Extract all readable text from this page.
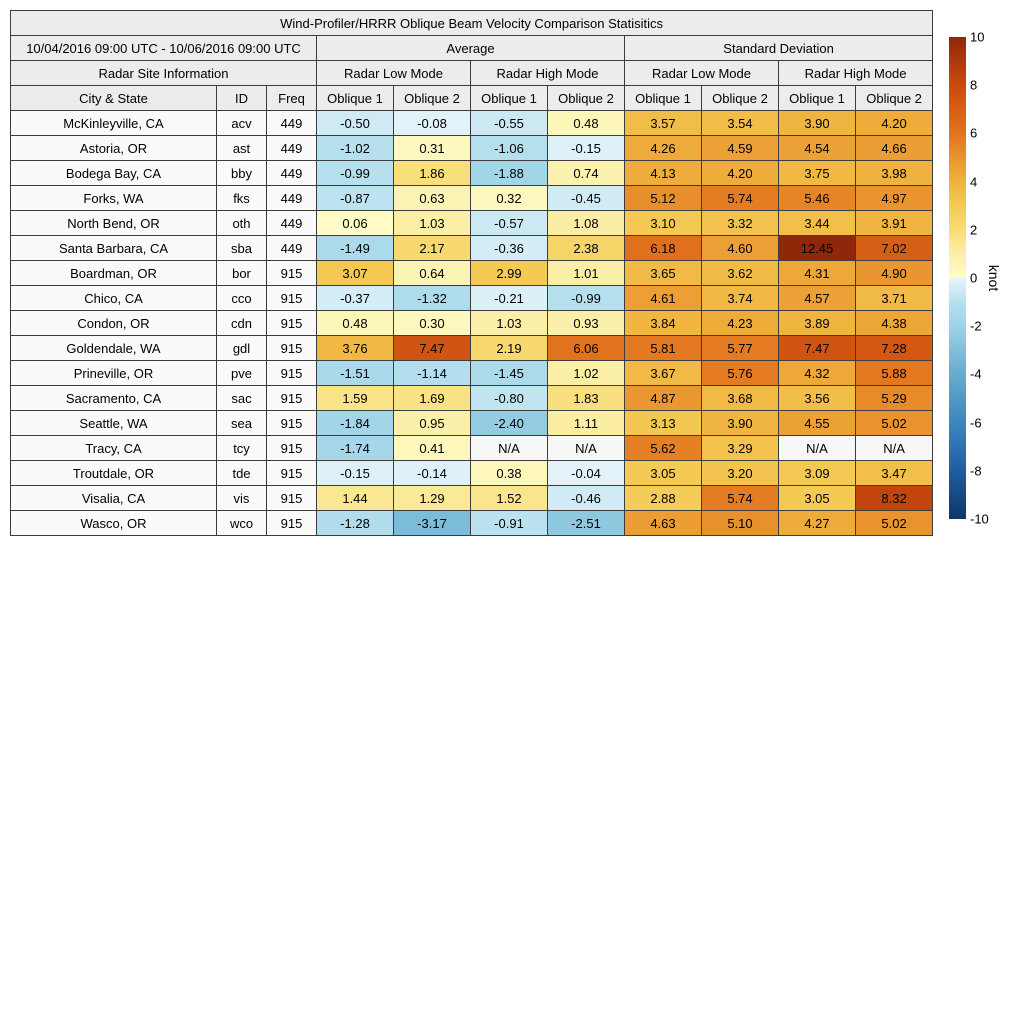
Wind-Profiler/HRRR Oblique Beam Velocity Comparison Statisitics										
10/04/2016 09:00 UTC - 10/06/2016 09:00 UTC			Average				Standard Deviation			
Radar Site Information			Radar Low Mode		Radar High Mode		Radar Low Mode		Radar High Mode	
City & State	ID	Freq	Oblique 1	Oblique 2	Oblique 1	Oblique 2	Oblique 1	Oblique 2	Oblique 1	Oblique 2
McKinleyville, CA	acv	449	-0.50	-0.08	-0.55	0.48	3.57	3.54	3.90	4.20
Astoria, OR	ast	449	-1.02	0.31	-1.06	-0.15	4.26	4.59	4.54	4.66
Bodega Bay, CA	bby	449	-0.99	1.86	-1.88	0.74	4.13	4.20	3.75	3.98
Forks, WA	fks	449	-0.87	0.63	0.32	-0.45	5.12	5.74	5.46	4.97
North Bend, OR	oth	449	0.06	1.03	-0.57	1.08	3.10	3.32	3.44	3.91
Santa Barbara, CA	sba	449	-1.49	2.17	-0.36	2.38	6.18	4.60	12.45	7.02
Boardman, OR	bor	915	3.07	0.64	2.99	1.01	3.65	3.62	4.31	4.90
Chico, CA	cco	915	-0.37	-1.32	-0.21	-0.99	4.61	3.74	4.57	3.71
Condon, OR	cdn	915	0.48	0.30	1.03	0.93	3.84	4.23	3.89	4.38
Goldendale, WA	gdl	915	3.76	7.47	2.19	6.06	5.81	5.77	7.47	7.28
Prineville, OR	pve	915	-1.51	-1.14	-1.45	1.02	3.67	5.76	4.32	5.88
Sacramento, CA	sac	915	1.59	1.69	-0.80	1.83	4.87	3.68	3.56	5.29
Seattle, WA	sea	915	-1.84	0.95	-2.40	1.11	3.13	3.90	4.55	5.02
Tracy, CA	tcy	915	-1.74	0.41	N/A	N/A	5.62	3.29	N/A	N/A
Troutdale, OR	tde	915	-0.15	-0.14	0.38	-0.04	3.05	3.20	3.09	3.47
Visalia, CA	vis	915	1.44	1.29	1.52	-0.46	2.88	5.74	3.05	8.32
Wasco, OR	wco	915	-1.28	-3.17	-0.91	-2.51	4.63	5.10	4.27	5.02
10
8
6
4
2
0
-2
-4
-6
-8
-10
knot
